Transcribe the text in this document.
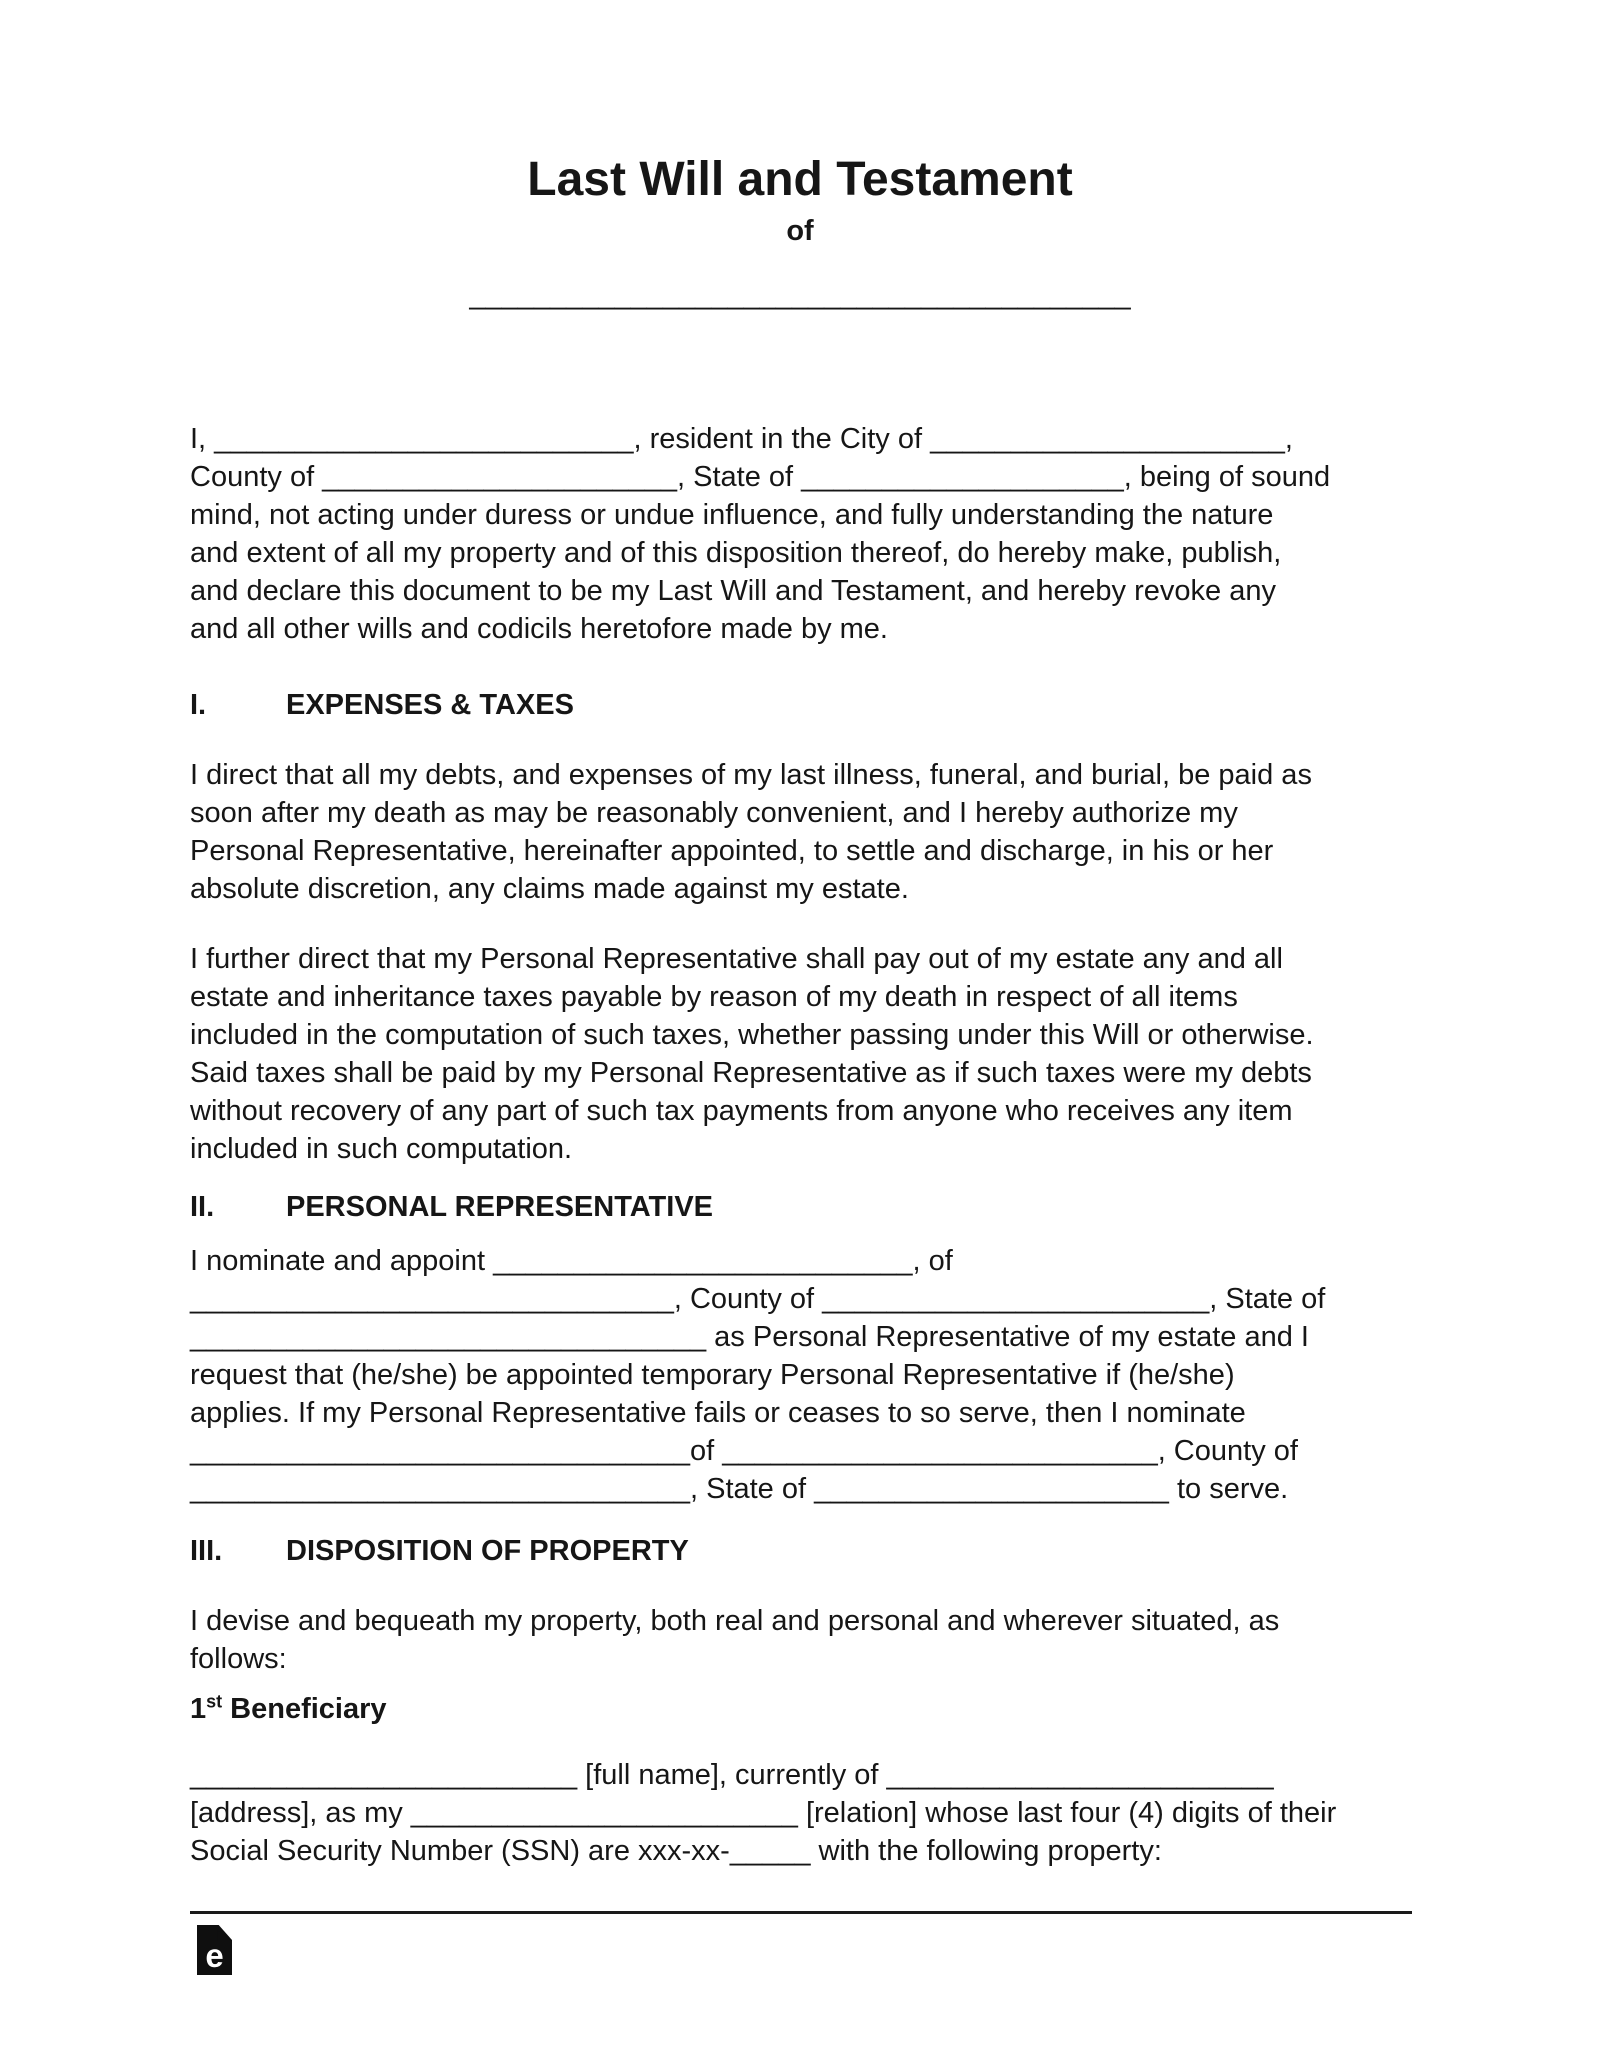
Last Will and Testament
of
_________________________________________
I, __________________________, resident in the City of ______________________,
County of ______________________, State of ____________________, being of sound
mind, not acting under duress or undue influence, and fully understanding the nature
and extent of all my property and of this disposition thereof, do hereby make, publish,
and declare this document to be my Last Will and Testament, and hereby revoke any
and all other wills and codicils heretofore made by me.
I.	EXPENSES & TAXES
I direct that all my debts, and expenses of my last illness, funeral, and burial, be paid as
soon after my death as may be reasonably convenient, and I hereby authorize my
Personal Representative, hereinafter appointed, to settle and discharge, in his or her
absolute discretion, any claims made against my estate.
I further direct that my Personal Representative shall pay out of my estate any and all
estate and inheritance taxes payable by reason of my death in respect of all items
included in the computation of such taxes, whether passing under this Will or otherwise.
Said taxes shall be paid by my Personal Representative as if such taxes were my debts
without recovery of any part of such tax payments from anyone who receives any item
included in such computation.
II. PERSONAL REPRESENTATIVE
I nominate and appoint __________________________, of
______________________________, County of ________________________, State of
________________________________ as Personal Representative of my estate and I
request that (he/she) be appointed temporary Personal Representative if (he/she)
applies. If my Personal Representative fails or ceases to so serve, then I nominate
_______________________________of ___________________________, County of
_______________________________, State of ______________________ to serve.
III. DISPOSITION OF PROPERTY
I devise and bequeath my property, both real and personal and wherever situated, as
follows:
1st Beneficiary
________________________ [full name], currently of ________________________
[address], as my ________________________ [relation] whose last four (4) digits of their
Social Security Number (SSN) are xxx-xx-_____ with the following property:
e
